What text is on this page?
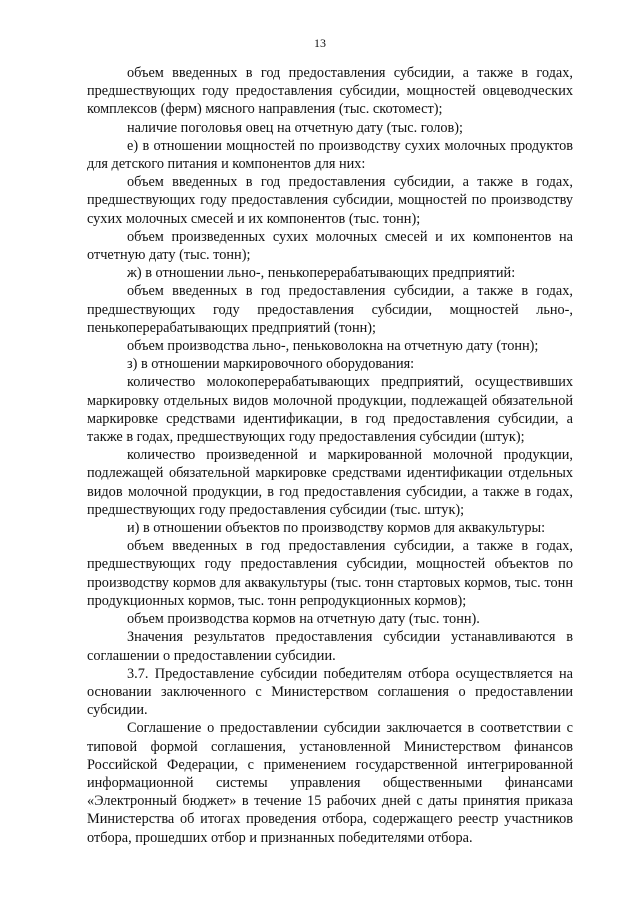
13

объем введенных в год предоставления субсидии, а также в годах, предшествующих году предоставления субсидии, мощностей овцеводческих комплексов (ферм) мясного направления (тыс. скотомест);

наличие поголовья овец на отчетную дату (тыс. голов);

е) в отношении мощностей по производству сухих молочных продуктов для детского питания и компонентов для них:

объем введенных в год предоставления субсидии, а также в годах, предшествующих году предоставления субсидии, мощностей по производству сухих молочных смесей и их компонентов (тыс. тонн);

объем произведенных сухих молочных смесей и их компонентов на отчетную дату (тыс. тонн);

ж) в отношении льно-, пенькоперерабатывающих предприятий:

объем введенных в год предоставления субсидии, а также в годах, предшествующих году предоставления субсидии, мощностей льно-, пенькоперерабатывающих предприятий (тонн);

объем производства льно-, пеньковолокна на отчетную дату (тонн);

з) в отношении маркировочного оборудования:

количество молокоперерабатывающих предприятий, осуществивших маркировку отдельных видов молочной продукции, подлежащей обязательной маркировке средствами идентификации, в год предоставления субсидии, а также в годах, предшествующих году предоставления субсидии (штук);

количество произведенной и маркированной молочной продукции, подлежащей обязательной маркировке средствами идентификации отдельных видов молочной продукции, в год предоставления субсидии, а также в годах, предшествующих году предоставления субсидии (тыс. штук);

и) в отношении объектов по производству кормов для аквакультуры:

объем введенных в год предоставления субсидии, а также в годах, предшествующих году предоставления субсидии, мощностей объектов по производству кормов для аквакультуры (тыс. тонн стартовых кормов, тыс. тонн продукционных кормов, тыс. тонн репродукционных кормов);

объем производства кормов на отчетную дату (тыс. тонн).

Значения результатов предоставления субсидии устанавливаются в соглашении о предоставлении субсидии.

3.7. Предоставление субсидии победителям отбора осуществляется на основании заключенного с Министерством соглашения о предоставлении субсидии.

Соглашение о предоставлении субсидии заключается в соответствии с типовой формой соглашения, установленной Министерством финансов Российской Федерации, с применением государственной интегрированной информационной системы управления общественными финансами «Электронный бюджет» в течение 15 рабочих дней с даты принятия приказа Министерства об итогах проведения отбора, содержащего реестр участников отбора, прошедших отбор и признанных победителями отбора.
